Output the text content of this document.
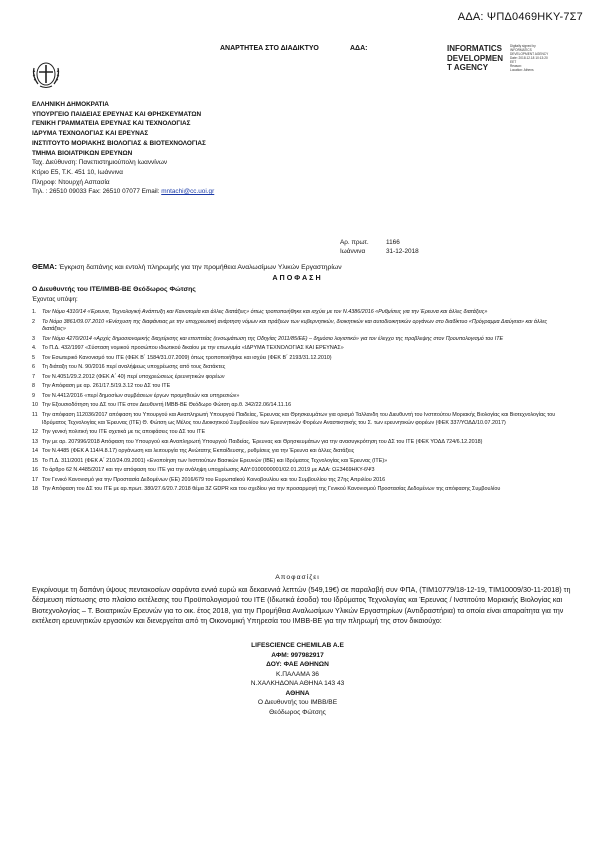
ΑΔΑ: ΨΠΔ0469ΗΚΥ-7Σ7
ΑΝΑΡΤΗΤΕΑ ΣΤΟ ΔΙΑΔΙΚΤΥΟ	ΑΔΑ:	INFORMATICS
DEVELOPMEN
T AGENCY
Digitally signed by
INFORMATICS
DEVELOPMENT AGENCY
Date: 2018.12.18 10:13:20
EET
Reason:
Location: Athens
ΕΛΛΗΝΙΚΗ ΔΗΜΟΚΡΑΤΙΑ
ΥΠΟΥΡΓΕΙΟ ΠΑΙΔΕΙΑΣ ΕΡΕΥΝΑΣ ΚΑΙ ΘΡΗΣΚΕΥΜΑΤΩΝ
ΓΕΝΙΚΗ ΓΡΑΜΜΑΤΕΙΑ ΕΡΕΥΝΑΣ ΚΑΙ ΤΕΧΝΟΛΟΓΙΑΣ
ΙΔΡΥΜΑ ΤΕΧΝΟΛΟΓΙΑΣ ΚΑΙ ΕΡΕΥΝΑΣ
ΙΝΣΤΙΤΟΥΤΟ ΜΟΡΙΑΚΗΣ ΒΙΟΛΟΓΙΑΣ & ΒΙΟΤΕΧΝΟΛΟΓΙΑΣ
ΤΜΗΜΑ ΒΙΟΙΑΤΡΙΚΩΝ ΕΡΕΥΝΩΝ
Ταχ. Διεύθυνση: Πανεπιστημιούπολη Ιωαννίνων
Κτίριο Ε5, Τ.Κ. 451 10, Ιωάννινα
Πληροφ: Ντουρχή Ασπασία
Τηλ. : 26510 09033 Fax: 26510 07077 Email: mntachi@cc.uoi.gr
Αρ. πρωτ.	1166
Ιωάννινα	31-12-2018
ΘΕΜΑ: Έγκριση δαπάνης και εντολή πληρωμής για την προμήθεια Αναλωσίμων Υλικών Εργαστηρίων
ΑΠΟΦΑΣΗ
Ο Διευθυντής του ΙΤΕ/ΙΜΒΒ-ΒΕ Θεόδωρος Φώτσης
Έχοντας υπόψη:
1.	Τον Νόμο 4310/14 «Έρευνα, Τεχνολογική Ανάπτυξη και Καινοτομία και άλλες διατάξεις» όπως τροποποιήθηκε και ισχύει με τον Ν.4386/2016 «Ρυθμίσεις για την Έρευνα και άλλες διατάξεις»
2	Το Νόμο 3861/09.07.2010 «Ενίσχυση της διαφάνειας με την υποχρεωτική ανάρτηση νόμων και πράξεων των κυβερνητικών, διοικητικών και αυτοδιοικητικών οργάνων στο διαδίκτυο «Πρόγραμμα Διαύγεια» και άλλες διατάξεις»
3	Τον Νόμο 4270/2014 «Αρχές δημοσιονομικής διαχείρισης και εποπτείας (ενσωμάτωση της Οδηγίας 2011/85/ΕΕ) – δημόσιο λογιστικό» για τον έλεγχο της προβλεψης στον Προυπολογισμό του ΙΤΕ
4.	Το Π.Δ. 432/1997 «Σύσταση νομικού προσώπου ιδιωτικού δικαίου με την επωνυμία «ΙΔΡΥΜΑ ΤΕΧΝΟΛΟΓΙΑΣ ΚΑΙ ΕΡΕΥΝΑΣ»
5	Τον Εσωτερικό Κανονισμό του ΙΤΕ (ΦΕΚ Β΄ 1584/31.07.2009) όπως τροποποιήθηκε και ισχύει (ΦΕΚ Β΄ 2193/31.12.2010)
6	Τη διάταξη του Ν. 90/2016 περί αναλήψεως υποχρέωσης από τους διατάκτες
7	Τον Ν.4051/29.2.2012 (ΦΕΚ Α΄ 40) περί υποχρεώσεως έρευνητικών φορέων
8	Την Απόφαση με αρ. 261/17.5/19.3.12 του ΔΣ του ΙΤΕ
9	Τον Ν.4412/2016 «περί δημοσίων συμβάσεων έργων προμηθειών και υπηρεσιών»
10 Την Εξουσιοδότηση του ΔΣ του ΙΤΕ στον Διευθυντή ΙΜΒΒ-ΒΕ Θεόδωρο Φώτση αρ.θ. 342/22.06/14.11.16
11 Την απόφαση 112036/2017 απόφαση του Υπουργού και Αναπληρωτή Υπουργού Παιδείας, Έρευνας και Θρησκευμάτων για ορισμό Ταλλανδη του Διευθυντή του Ινστιτούτου Μοριακής Βιολογίας και Βιοτεχνολογίας του Ιδρύματος Τεχνολογίας και Έρευνας (ΙΤΕ) Θ. Φώτση ως Μέλος του Διοικητικού Συμβουλίου των Ερευνητικών Φορέων Αναστικητικής του Σ. των ερευνητικών φορέων (ΦΕΚ 337/ΥΟΔΔ/10.07.2017)
12 Την γενική πολιτική του ΙΤΕ σχετικά με τις αποφάσεις του ΔΣ του ΙΤΕ
13 Την με αρ. 207996/2018 Απόφαση του Υπουργού και Αναπληρωτή Υπουργού Παιδείας, Έρευνας και Θρησκευμάτων για την ανασυγκρότηση του ΔΣ του ΙΤΕ (ΦΕΚ ΥΟΔΔ 724/6.12.2018)
14 Τον Ν.4485 (ΦΕΚ Α 114/4.8.17) οργάνωση και λειτουργία της Ανώτατης Εκπαίδευσης, ρυθμίσεις για την Έρευνα και άλλες διατάξεις
15 Το Π.Δ. 311/2001 (ΦΕΚ Α΄ 210/24.09.2001) «Ενοποίηση των Ινστιτούτων Βασικών Ερευνών (ΙΒΕ) και Ιδρύματος Τεχνολογίας και Έρευνας (ΙΤΕ)»
16 Το άρθρο 62 Ν.4485/2017 και την απόφαση του ΙΤΕ για την ανάληψη υποχρέωσης ΑΔΥ:0100000001/02.01.2019 με ΑΔΑ: ΩΞ3469ΗΚΥ-6Ψ3
17 Τον Γενικό Κανονισμό για την Προστασία Δεδομένων (ΕΕ) 2016/679 του Ευρωπαϊκού Κοινοβουλίου και του Συμβουλίου της 27ης Απριλίου 2016
18 Την Απόφαση του ΔΣ του ΙΤΕ με αρ.πρωτ. 380/27.6/20.7.2018 θέμα 3Ζ GDPR και του σχεδίου για την προσαρμογή της Γενικού Κανονισμού Προστασίας Δεδομένων της απόφασης Συμβουλίου
Αποφασίζει
Εγκρίνουμε τη δαπάνη ύψους πεντακοσίων σαράντα εννιά ευρώ και δεκαεννιά λεπτών (549,19€) σε παραλαβή συν ΦΠΑ, (ΤΙΜ10779/18-12-19, ΤΙΜ10009/30-11-2018) τη δέσμευση πίστωσης στο πλαίσιο εκτέλεσης του Προϋπολογισμού του ΙΤΕ (Ιδιωτικά έσοδα) του Ιδρύματος Τεχνολογίας και Έρευνας / Ινστιτούτο Μοριακής Βιολογίας και Βιοτεχνολογίας – Τ. Βοιατρικών Ερευνών για το οικ. έτος 2018, για την Προμήθεια Αναλωσίμων Υλικών Εργαστηρίων (Αντιδραστήρια) τα οποία είναι απαραίτητα για την εκτέλεση ερευνητικών εργασιών και διενεργείται από τη Οικονομική Υπηρεσία του ΙΜΒΒ-ΒΕ για την πληρωμή της στον δικαιούχο:
LIFESCIENCE CHEMILAB A.E
ΑΦΜ: 997982917
ΔΟΥ: ΦΑΕ ΑΘΗΝΩΝ
Κ.ΠΑΛΑΜΑ 36
Ν.ΧΑΛΚΗΔΟΝΑ ΑΘΗΝΑ 143 43
ΑΘΗΝΑ
Ο Διευθυντής του ΙΜΒΒ/ΒΕ
Θεόδωρος Φώτσης
